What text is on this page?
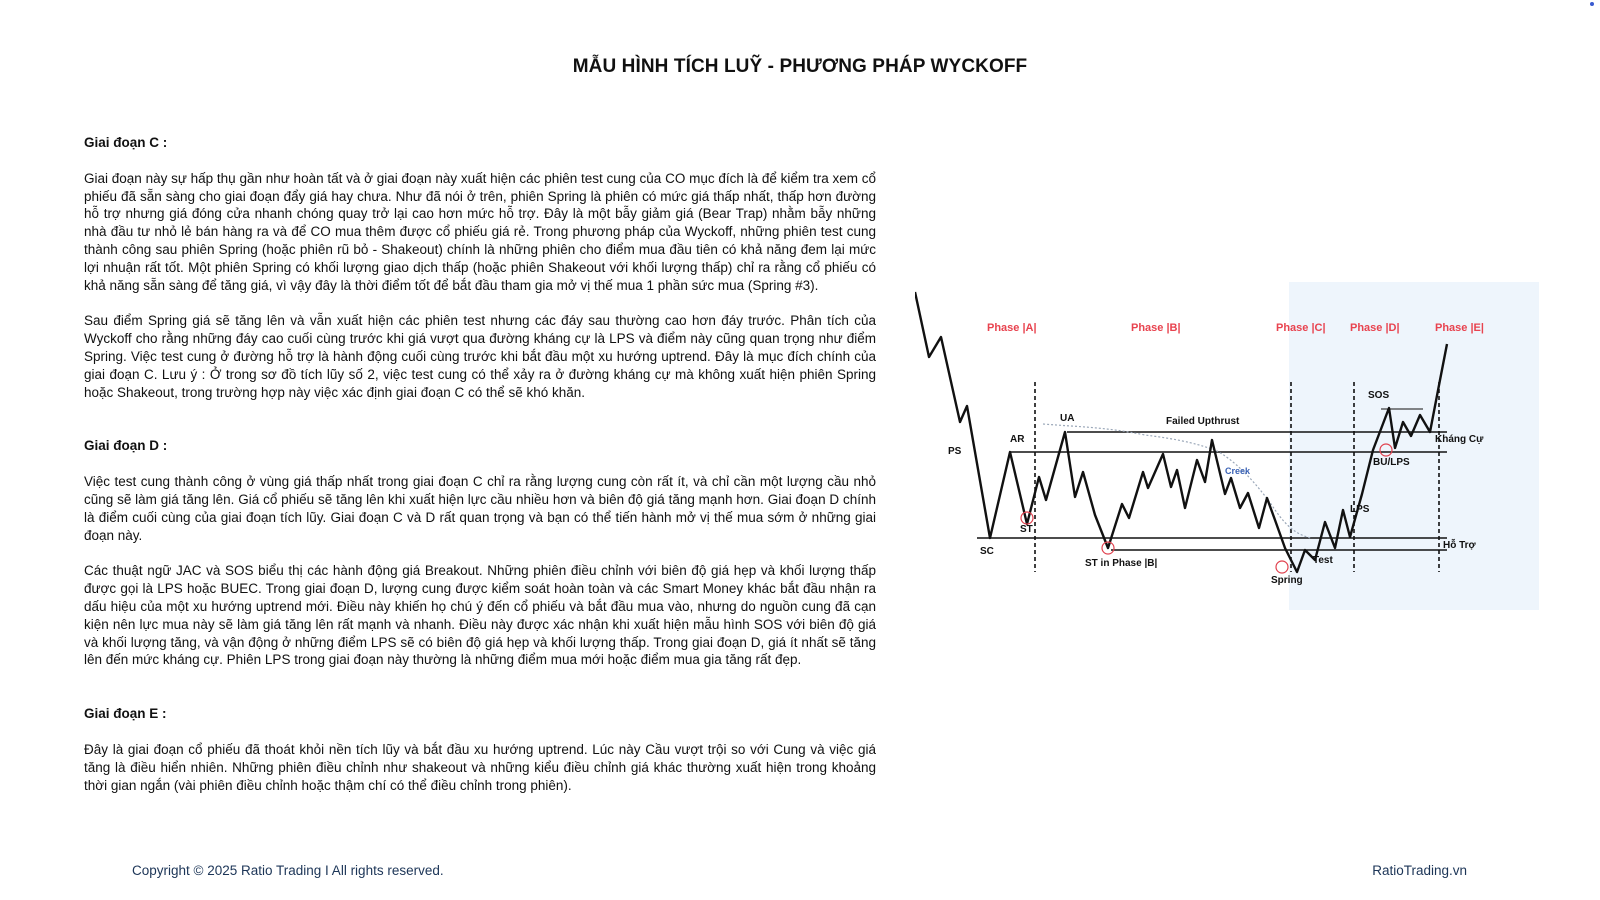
MẪU HÌNH TÍCH LUỸ - PHƯƠNG PHÁP WYCKOFF

Giai đoạn C :

Giai đoạn này sự hấp thụ gần như hoàn tất và ở giai đoạn này xuất hiện các phiên test cung của CO mục đích là để kiểm tra xem cổ phiếu đã sẵn sàng cho giai đoạn đẩy giá hay chưa. Như đã nói ở trên, phiên Spring là phiên có mức giá thấp nhất, thấp hơn đường hỗ trợ nhưng giá đóng cửa nhanh chóng quay trở lại cao hơn mức hỗ trợ. Đây là một bẫy giảm giá (Bear Trap) nhằm bẫy những nhà đầu tư nhỏ lẻ bán hàng ra và để CO mua thêm được cổ phiếu giá rẻ. Trong phương pháp của Wyckoff, những phiên test cung thành công sau phiên Spring (hoặc phiên rũ bỏ - Shakeout) chính là những phiên cho điểm mua đầu tiên có khả năng đem lại mức lợi nhuận rất tốt. Một phiên Spring có khối lượng giao dịch thấp (hoặc phiên Shakeout với khối lượng thấp) chỉ ra rằng cổ phiếu có khả năng sẵn sàng để tăng giá, vì vậy đây là thời điểm tốt để bắt đầu tham gia mở vị thế mua 1 phần sức mua (Spring #3).

Sau điểm Spring giá sẽ tăng lên và vẫn xuất hiện các phiên test nhưng các đáy sau thường cao hơn đáy trước. Phân tích của Wyckoff cho rằng những đáy cao cuối cùng trước khi giá vượt qua đường kháng cự là LPS và điểm này cũng quan trọng như điểm Spring. Việc test cung ở đường hỗ trợ là hành động cuối cùng trước khi bắt đầu một xu hướng uptrend. Đây là mục đích chính của giai đoạn C. Lưu ý : Ở trong sơ đồ tích lũy số 2, việc test cung có thể xảy ra ở đường kháng cự mà không xuất hiện phiên Spring hoặc Shakeout, trong trường hợp này việc xác định giai đoạn C có thể sẽ khó khăn.

Giai đoạn D :

Việc test cung thành công ở vùng giá thấp nhất trong giai đoạn C chỉ ra rằng lượng cung còn rất ít, và chỉ cần một lượng cầu nhỏ cũng sẽ làm giá tăng lên. Giá cổ phiếu sẽ tăng lên khi xuất hiện lực cầu nhiều hơn và biên độ giá tăng mạnh hơn. Giai đoạn D chính là điểm cuối cùng của giai đoạn tích lũy. Giai đoạn C và D rất quan trọng và bạn có thể tiến hành mở vị thế mua sớm ở những giai đoạn này.

Các thuật ngữ JAC và SOS biểu thị các hành động giá Breakout. Những phiên điều chỉnh với biên độ giá hẹp và khối lượng thấp được gọi là LPS hoặc BUEC. Trong giai đoạn D, lượng cung được kiểm soát hoàn toàn và các Smart Money khác bắt đầu nhận ra dấu hiệu của một xu hướng uptrend mới. Điều này khiến họ chú ý đến cổ phiếu và bắt đầu mua vào, nhưng do nguồn cung đã cạn kiện nên lực mua này sẽ làm giá tăng lên rất mạnh và nhanh. Điều này được xác nhận khi xuất hiện mẫu hình SOS với biên độ giá và khối lượng tăng, và vận động ở những điểm LPS sẽ có biên độ giá hẹp và khối lượng thấp. Trong giai đoạn D, giá ít nhất sẽ tăng lên đến mức kháng cự. Phiên LPS trong giai đoạn này thường là những điểm mua mới hoặc điểm mua gia tăng rất đẹp.

Giai đoạn E :

Đây là giai đoạn cổ phiếu đã thoát khỏi nền tích lũy và bắt đầu xu hướng uptrend. Lúc này Cầu vượt trội so với Cung và việc giá tăng là điều hiển nhiên. Những phiên điều chỉnh như shakeout và những kiểu điều chỉnh giá khác thường xuất hiện trong khoảng thời gian ngắn (vài phiên điều chỉnh hoặc thậm chí có thể điều chỉnh trong phiên).

Phase |A|	Phase |B|	Phase |C| Phase |D|	Phase |E|
PS
SC
AR
ST
UA
ST in Phase |B|
Failed Upthrust
Creek
Spring
Test
LPS
SOS
BU/LPS
Kháng Cự
Hỗ Trợ
Copyright © 2025 Ratio Trading I All rights reserved.	RatioTrading.vn
